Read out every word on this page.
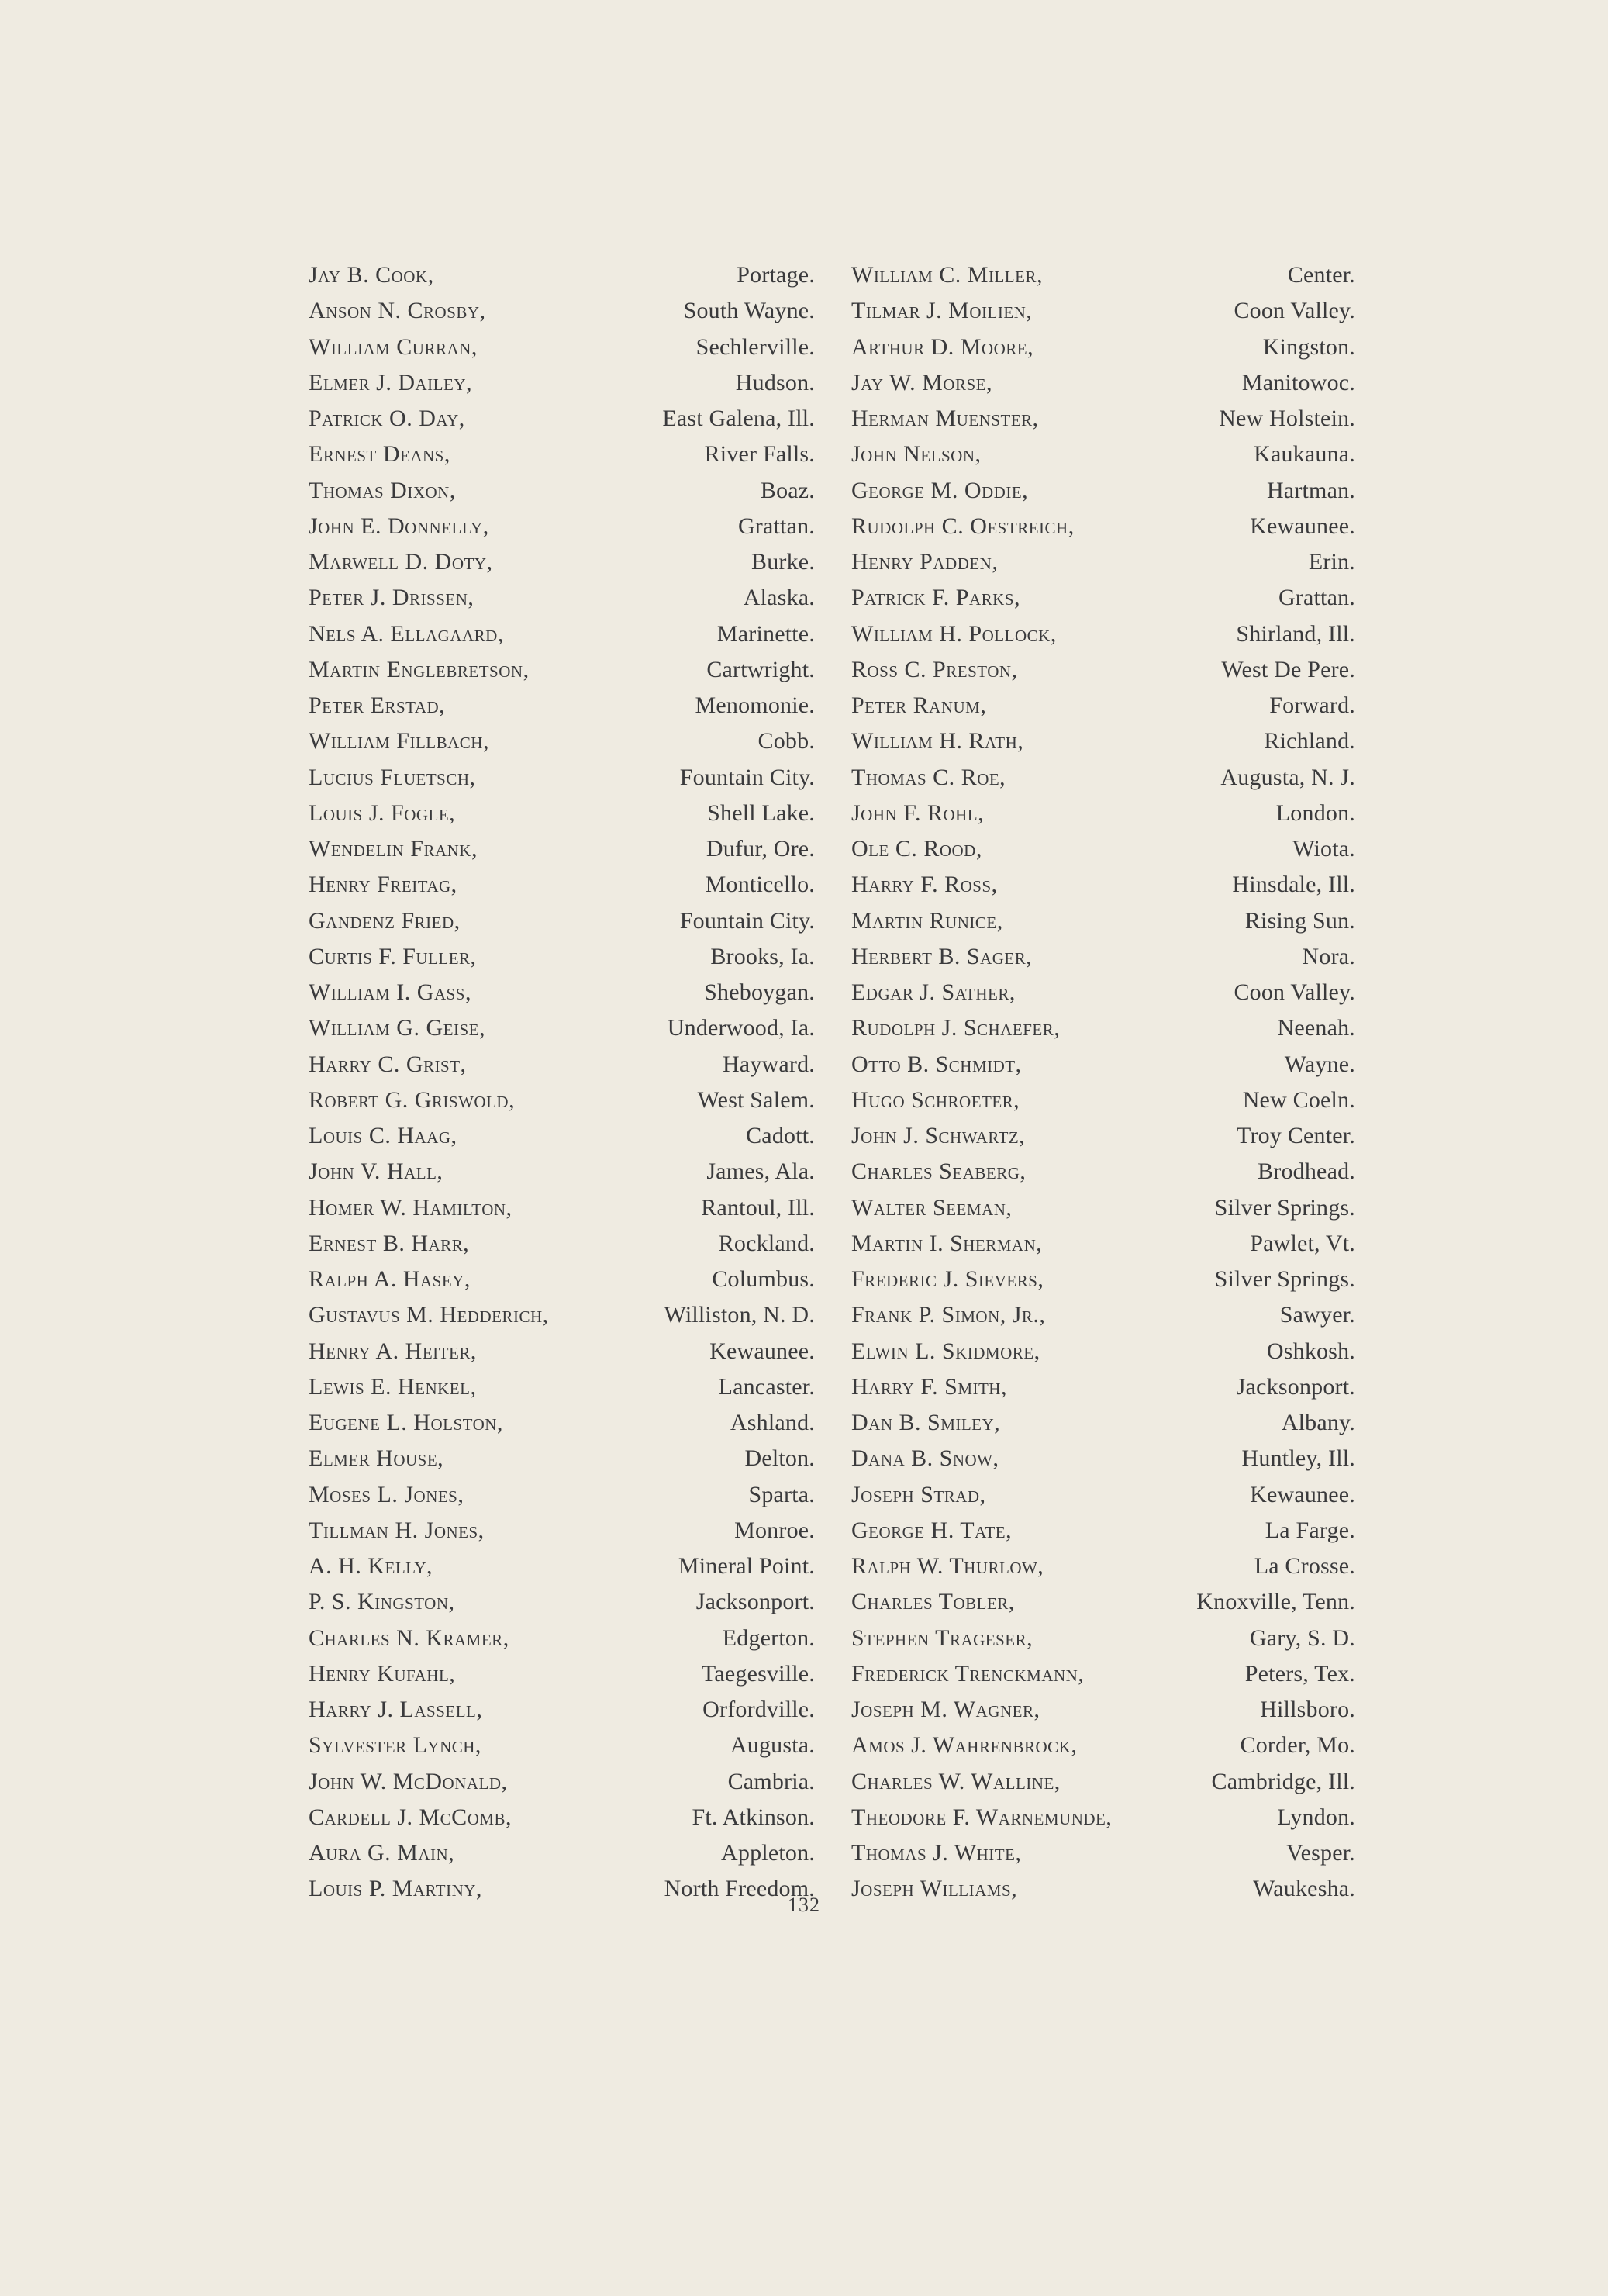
Jay B. Cook,	Portage.
Anson N. Crosby,	South Wayne.
William Curran,	Sechlerville.
Elmer J. Dailey,	Hudson.
Patrick O. Day,	East Galena, Ill.
Ernest Deans,	River Falls.
Thomas Dixon,	Boaz.
John E. Donnelly,	Grattan.
Marwell D. Doty,	Burke.
Peter J. Drissen,	Alaska.
Nels A. Ellagaard,	Marinette.
Martin Englebretson,	Cartwright.
Peter Erstad,	Menomonie.
William Fillbach,	Cobb.
Lucius Fluetsch,	Fountain City.
Louis J. Fogle,	Shell Lake.
Wendelin Frank,	Dufur, Ore.
Henry Freitag,	Monticello.
Gandenz Fried,	Fountain City.
Curtis F. Fuller,	Brooks, Ia.
William I. Gass,	Sheboygan.
William G. Geise,	Underwood, Ia.
Harry C. Grist,	Hayward.
Robert G. Griswold,	West Salem.
Louis C. Haag,	Cadott.
John V. Hall,	James, Ala.
Homer W. Hamilton,	Rantoul, Ill.
Ernest B. Harr,	Rockland.
Ralph A. Hasey,	Columbus.
Gustavus M. Hedderich,	Williston, N. D.
Henry A. Heiter,	Kewaunee.
Lewis E. Henkel,	Lancaster.
Eugene L. Holston,	Ashland.
Elmer House,	Delton.
Moses L. Jones,	Sparta.
Tillman H. Jones,	Monroe.
A. H. Kelly,	Mineral Point.
P. S. Kingston,	Jacksonport.
Charles N. Kramer,	Edgerton.
Henry Kufahl,	Taegesville.
Harry J. Lassell,	Orfordville.
Sylvester Lynch,	Augusta.
John W. McDonald,	Cambria.
Cardell J. McComb,	Ft. Atkinson.
Aura G. Main,	Appleton.
Louis P. Martiny,	North Freedom.
William C. Miller,	Center.
Tilmar J. Moilien,	Coon Valley.
Arthur D. Moore,	Kingston.
Jay W. Morse,	Manitowoc.
Herman Muenster,	New Holstein.
John Nelson,	Kaukauna.
George M. Oddie,	Hartman.
Rudolph C. Oestreich,	Kewaunee.
Henry Padden,	Erin.
Patrick F. Parks,	Grattan.
William H. Pollock,	Shirland, Ill.
Ross C. Preston,	West De Pere.
Peter Ranum,	Forward.
William H. Rath,	Richland.
Thomas C. Roe,	Augusta, N. J.
John F. Rohl,	London.
Ole C. Rood,	Wiota.
Harry F. Ross,	Hinsdale, Ill.
Martin Runice,	Rising Sun.
Herbert B. Sager,	Nora.
Edgar J. Sather,	Coon Valley.
Rudolph J. Schaefer,	Neenah.
Otto B. Schmidt,	Wayne.
Hugo Schroeter,	New Coeln.
John J. Schwartz,	Troy Center.
Charles Seaberg,	Brodhead.
Walter Seeman,	Silver Springs.
Martin I. Sherman,	Pawlet, Vt.
Frederic J. Sievers,	Silver Springs.
Frank P. Simon, Jr.,	Sawyer.
Elwin L. Skidmore,	Oshkosh.
Harry F. Smith,	Jacksonport.
Dan B. Smiley,	Albany.
Dana B. Snow,	Huntley, Ill.
Joseph Strad,	Kewaunee.
George H. Tate,	La Farge.
Ralph W. Thurlow,	La Crosse.
Charles Tobler,	Knoxville, Tenn.
Stephen Trageser,	Gary, S. D.
Frederick Trenckmann,	Peters, Tex.
Joseph M. Wagner,	Hillsboro.
Amos J. Wahrenbrock,	Corder, Mo.
Charles W. Walline,	Cambridge, Ill.
Theodore F. Warnemunde,	Lyndon.
Thomas J. White,	Vesper.
Joseph Williams,	Waukesha.
132
